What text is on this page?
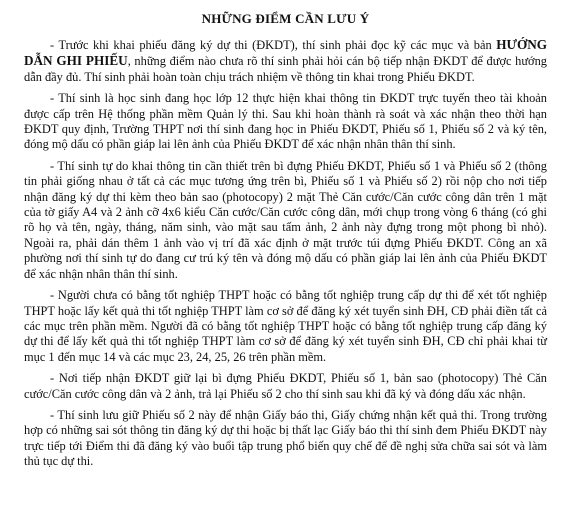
NHỮNG ĐIỂM CẦN LƯU Ý

- Trước khi khai phiếu đăng ký dự thi (ĐKDT), thí sinh phải đọc kỹ các mục và bản HƯỚNG DẪN GHI PHIẾU, những điểm nào chưa rõ thí sinh phải hỏi cán bộ tiếp nhận ĐKDT để được hướng dẫn đầy đủ. Thí sinh phải hoàn toàn chịu trách nhiệm về thông tin khai trong Phiếu ĐKDT.

- Thí sinh là học sinh đang học lớp 12 thực hiện khai thông tin ĐKDT trực tuyến theo tài khoản được cấp trên Hệ thống phần mềm Quản lý thi. Sau khi hoàn thành rà soát và xác nhận theo thời hạn ĐKDT quy định, Trường THPT nơi thí sinh đang học in Phiếu ĐKDT, Phiếu số 1, Phiếu số 2 và ký tên, đóng mộ dấu có phần giáp lai lên ảnh của Phiếu ĐKDT để xác nhận nhân thân thí sinh.

- Thí sinh tự do khai thông tin cần thiết trên bì đựng Phiếu ĐKDT, Phiếu số 1 và Phiếu số 2 (thông tin phải giống nhau ở tất cả các mục tương ứng trên bì, Phiếu số 1 và Phiếu số 2) rồi nộp cho nơi tiếp nhận đăng ký dự thi kèm theo bản sao (photocopy) 2 mặt Thẻ Căn cước/Căn cước công dân trên 1 mặt của tờ giấy A4 và 2 ảnh cỡ 4x6 kiểu Căn cước/Căn cước công dân, mới chụp trong vòng 6 tháng (có ghi rõ họ và tên, ngày, tháng, năm sinh, vào mặt sau tấm ảnh, 2 ảnh này đựng trong một phong bì nhỏ). Ngoài ra, phải dán thêm 1 ảnh vào vị trí đã xác định ở mặt trước túi đựng Phiếu ĐKDT. Công an xã phường nơi thí sinh tự do đang cư trú ký tên và đóng mộ dấu có phần giáp lai lên ảnh của Phiếu ĐKDT để xác nhận nhân thân thí sinh.

- Người chưa có bằng tốt nghiệp THPT hoặc có bằng tốt nghiệp trung cấp dự thi để xét tốt nghiệp THPT hoặc lấy kết quả thi tốt nghiệp THPT làm cơ sở để đăng ký xét tuyển sinh ĐH, CĐ phải điền tất cả các mục trên phần mềm. Người đã có bằng tốt nghiệp THPT hoặc có bằng tốt nghiệp trung cấp đăng ký dự thi để lấy kết quả thi tốt nghiệp THPT làm cơ sở để đăng ký xét tuyển sinh ĐH, CĐ chỉ phải khai từ mục 1 đến mục 14 và các mục 23, 24, 25, 26 trên phần mềm.

- Nơi tiếp nhận ĐKDT giữ lại bì đựng Phiếu ĐKDT, Phiếu số 1, bản sao (photocopy) Thẻ Căn cước/Căn cước công dân và 2 ảnh, trả lại Phiếu số 2 cho thí sinh sau khi đã ký và đóng dấu xác nhận.

- Thí sinh lưu giữ Phiếu số 2 này để nhận Giấy báo thi, Giấy chứng nhận kết quả thi. Trong trường hợp có những sai sót thông tin đăng ký dự thi hoặc bị thất lạc Giấy báo thi thí sinh đem Phiếu ĐKDT này trực tiếp tới Điểm thi đã đăng ký vào buổi tập trung phổ biến quy chế để đề nghị sửa chữa sai sót và làm thủ tục dự thi.
